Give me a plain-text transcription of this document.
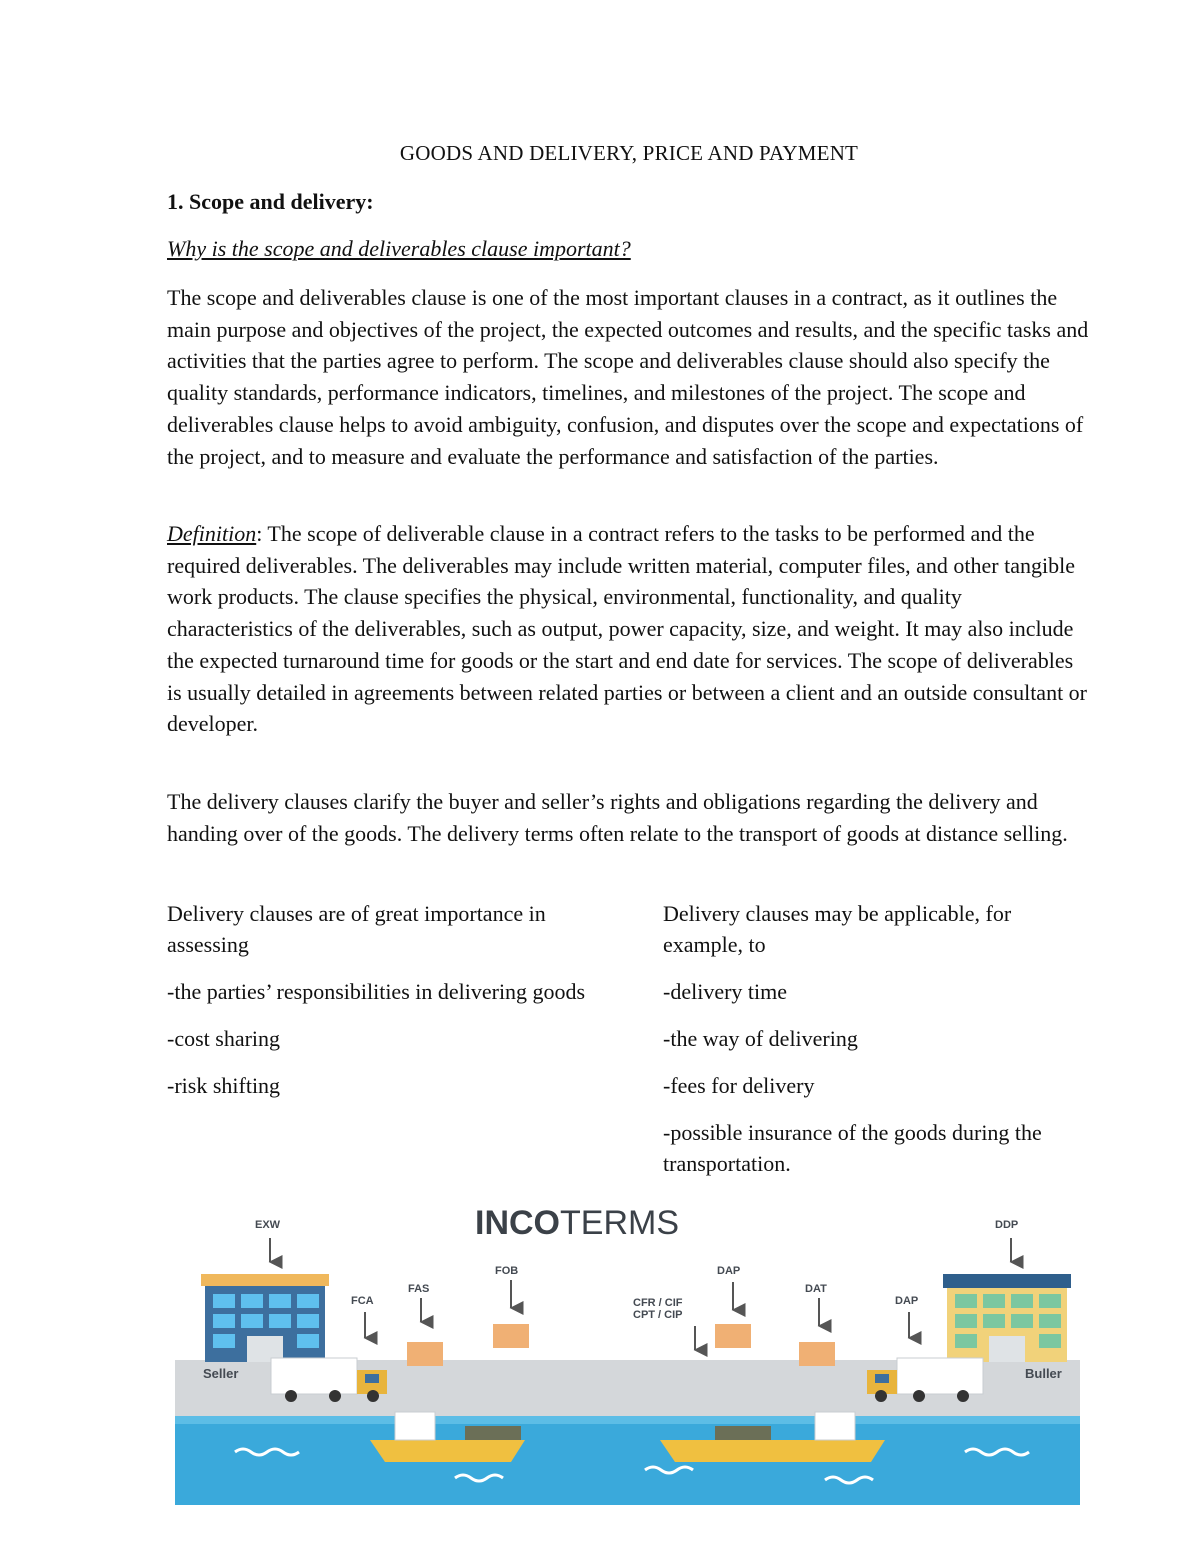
GOODS AND DELIVERY, PRICE AND PAYMENT
1. Scope and delivery:
Why is the scope and deliverables clause important?
The scope and deliverables clause is one of the most important clauses in a contract, as it outlines the main purpose and objectives of the project, the expected outcomes and results, and the specific tasks and activities that the parties agree to perform. The scope and deliverables clause should also specify the quality standards, performance indicators, timelines, and milestones of the project. The scope and deliverables clause helps to avoid ambiguity, confusion, and disputes over the scope and expectations of the project, and to measure and evaluate the performance and satisfaction of the parties.
Definition: The scope of deliverable clause in a contract refers to the tasks to be performed and the required deliverables. The deliverables may include written material, computer files, and other tangible work products. The clause specifies the physical, environmental, functionality, and quality characteristics of the deliverables, such as output, power capacity, size, and weight. It may also include the expected turnaround time for goods or the start and end date for services. The scope of deliverables is usually detailed in agreements between related parties or between a client and an outside consultant or developer.
The delivery clauses clarify the buyer and seller’s rights and obligations regarding the delivery and handing over of the goods. The delivery terms often relate to the transport of goods at distance selling.

Delivery clauses are of great importance in assessing

-the parties’ responsibilities in delivering goods

-cost sharing

-risk shifting

Delivery clauses may be applicable, for example, to

-delivery time

-the way of delivering

-fees for delivery

-possible insurance of the goods during the transportation.

INCOTERMS
EXW
FCA
FAS
FOB
CFR / CIF
CPT / CIP
DAP
DAT
DAP
DDP
Seller	Buller
